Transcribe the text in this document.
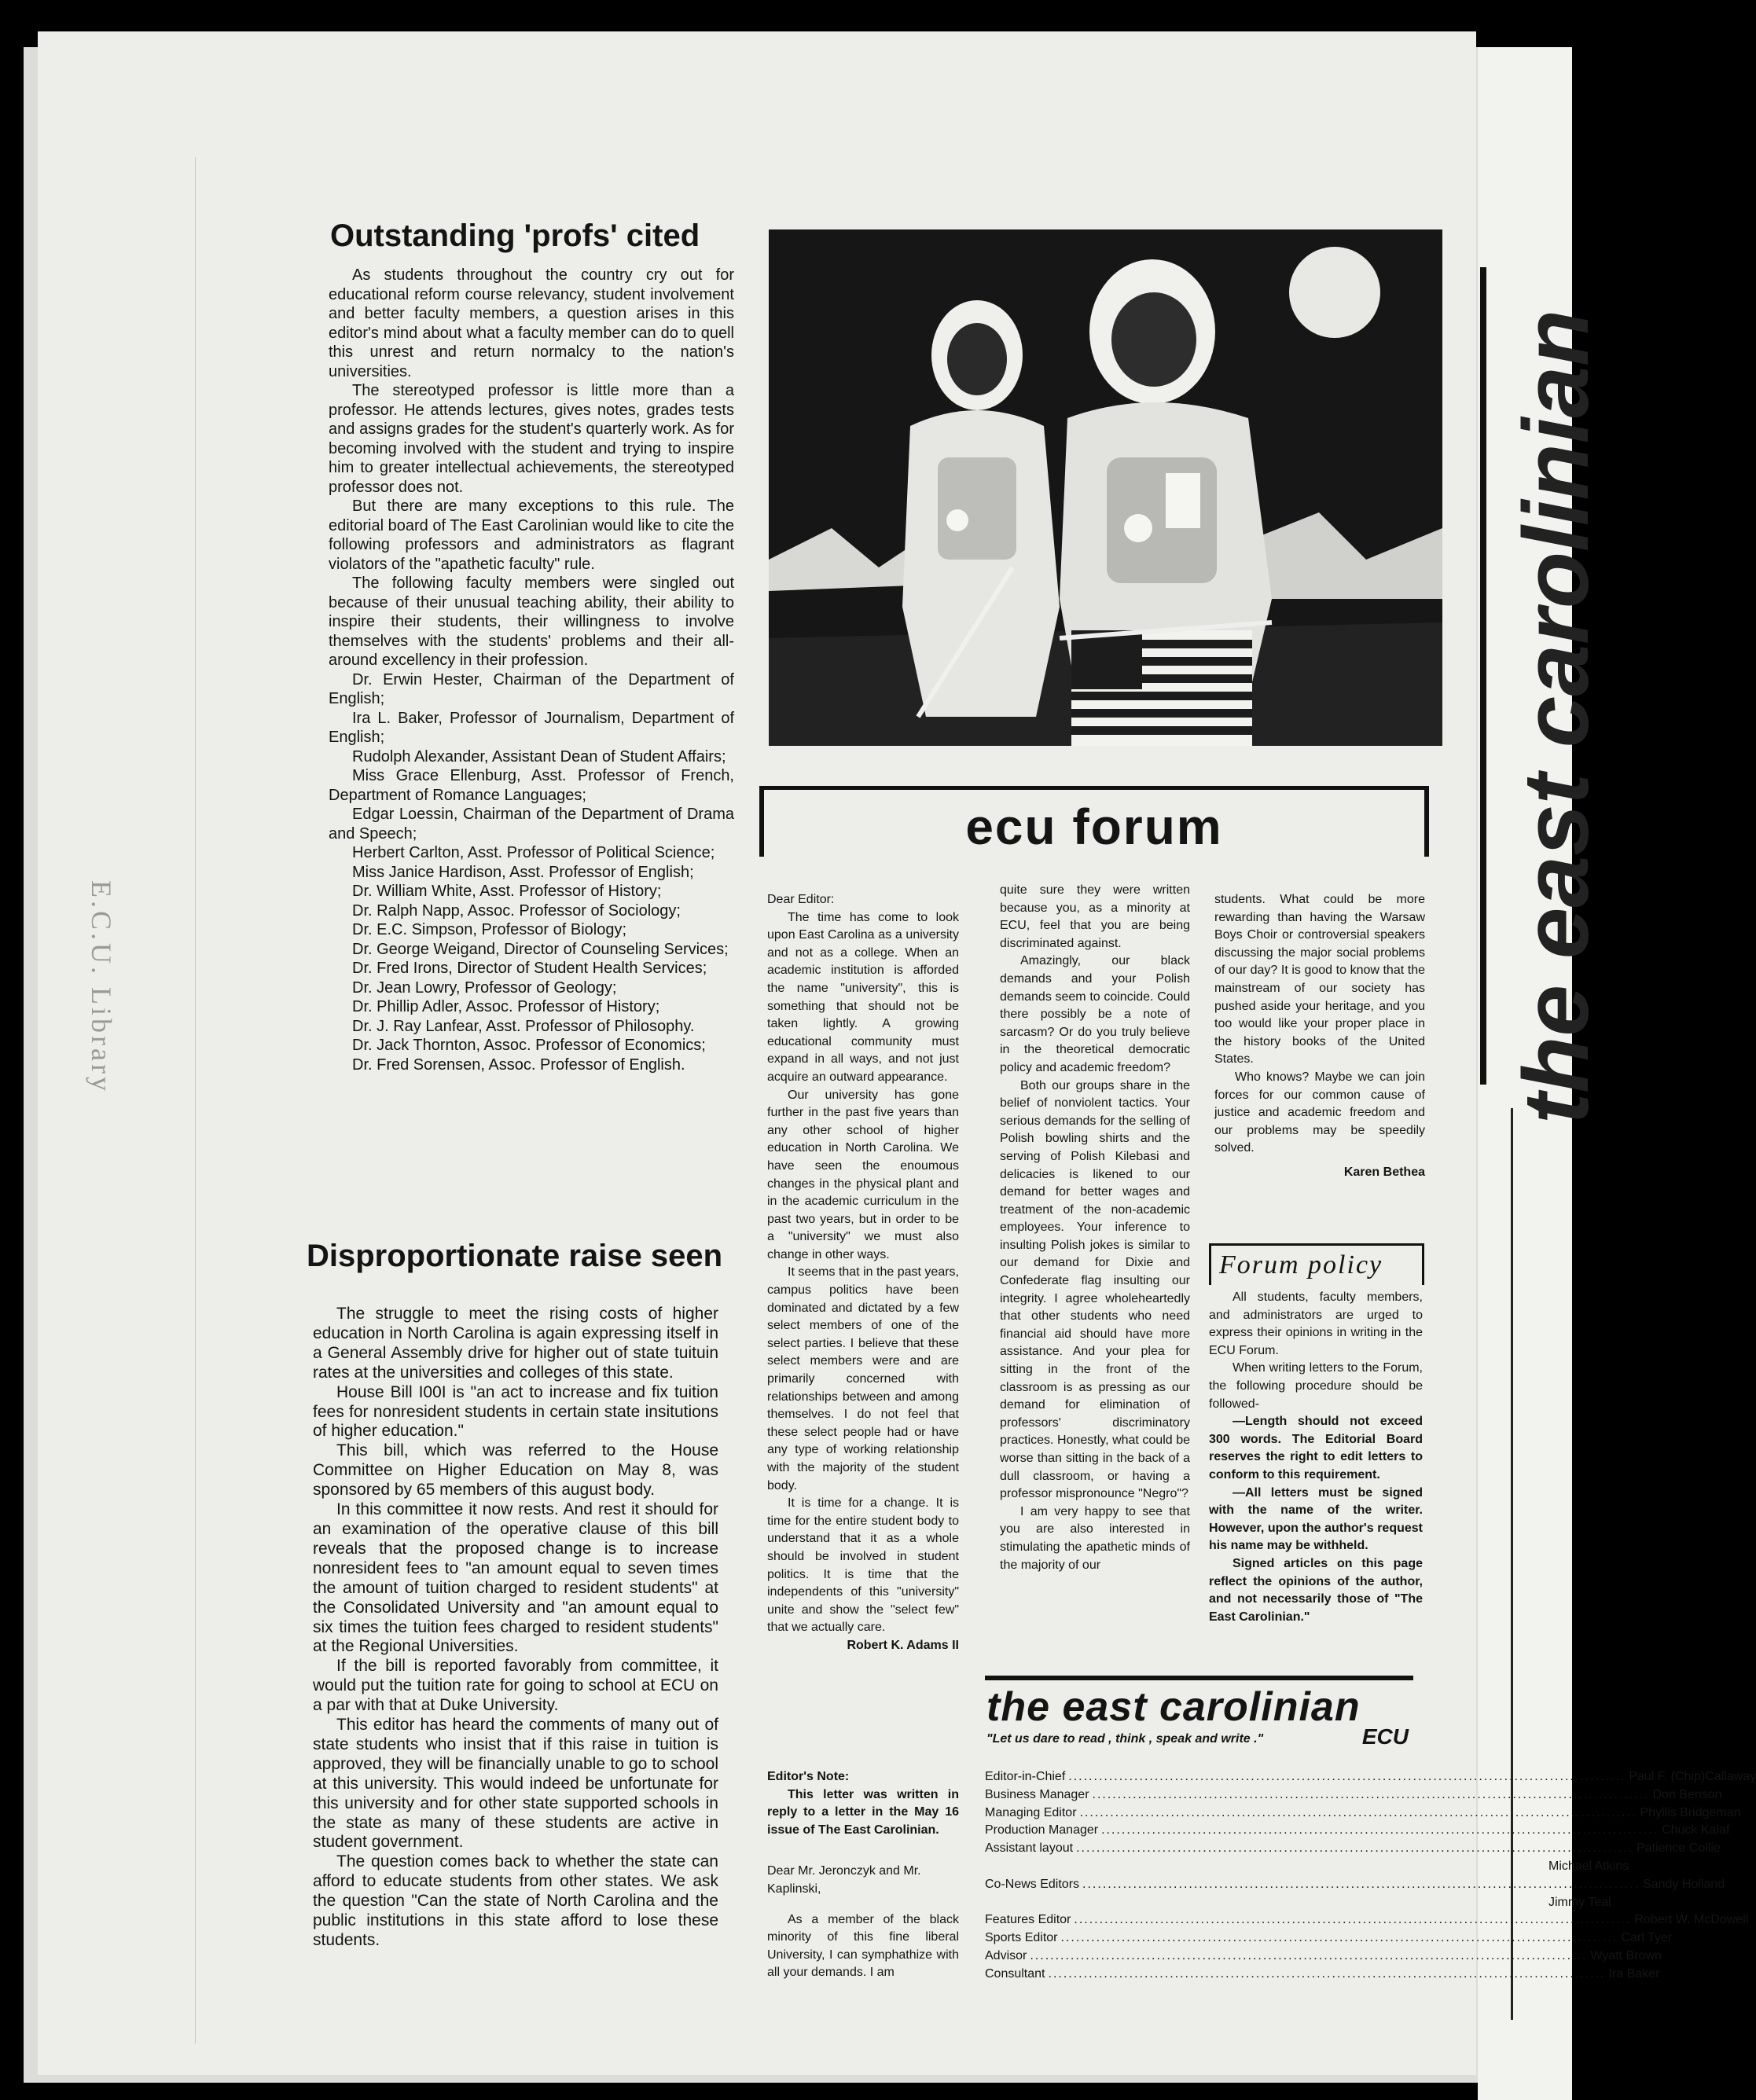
E.C.U. Library	the east carolinian
Outstanding 'profs' cited

As students throughout the country cry out for educational reform course relevancy, student involvement and better faculty members, a question arises in this editor's mind about what a faculty member can do to quell this unrest and return normalcy to the nation's universities.

The stereotyped professor is little more than a professor. He attends lectures, gives notes, grades tests and assigns grades for the student's quarterly work. As for becoming involved with the student and trying to inspire him to greater intellectual achievements, the stereotyped professor does not.

But there are many exceptions to this rule. The editorial board of The East Carolinian would like to cite the following professors and administrators as flagrant violators of the "apathetic faculty" rule.

The following faculty members were singled out because of their unusual teaching ability, their ability to inspire their students, their willingness to involve themselves with the students' problems and their all-around excellency in their profession.

Dr. Erwin Hester, Chairman of the Department of English;

Ira L. Baker, Professor of Journalism, Department of English;

Rudolph Alexander, Assistant Dean of Student Affairs;

Miss Grace Ellenburg, Asst. Professor of French, Department of Romance Languages;

Edgar Loessin, Chairman of the Department of Drama and Speech;

Herbert Carlton, Asst. Professor of Political Science;

Miss Janice Hardison, Asst. Professor of English;

Dr. William White, Asst. Professor of History;

Dr. Ralph Napp, Assoc. Professor of Sociology;

Dr. E.C. Simpson, Professor of Biology;

Dr. George Weigand, Director of Counseling Services;

Dr. Fred Irons, Director of Student Health Services;

Dr. Jean Lowry, Professor of Geology;

Dr. Phillip Adler, Assoc. Professor of History;

Dr. J. Ray Lanfear, Asst. Professor of Philosophy.

Dr. Jack Thornton, Assoc. Professor of Economics;

Dr. Fred Sorensen, Assoc. Professor of English.

Disproportionate raise seen

The struggle to meet the rising costs of higher education in North Carolina is again expressing itself in a General Assembly drive for higher out of state tuituin rates at the universities and colleges of this state.

House Bill I00I is "an act to increase and fix tuition fees for nonresident students in certain state insitutions of higher education."

This bill, which was referred to the House Committee on Higher Education on May 8, was sponsored by 65 members of this august body.

In this committee it now rests. And rest it should for an examination of the operative clause of this bill reveals that the proposed change is to increase nonresident fees to "an amount equal to seven times the amount of tuition charged to resident students" at the Consolidated University and "an amount equal to six times the tuition fees charged to resident students" at the Regional Universities.

If the bill is reported favorably from committee, it would put the tuition rate for going to school at ECU on a par with that at Duke University.

This editor has heard the comments of many out of state students who insist that if this raise in tuition is approved, they will be financially unable to go to school at this university. This would indeed be unfortunate for this university and for other state supported schools in the state as many of these students are active in student government.

The question comes back to whether the state can afford to educate students from other states. We ask the question "Can the state of North Carolina and the public institutions in this state afford to lose these students.

ecu forum

Dear Editor:

The time has come to look upon East Carolina as a university and not as a college. When an academic institution is afforded the name "university", this is something that should not be taken lightly. A growing educational community must expand in all ways, and not just acquire an outward appearance.

Our university has gone further in the past five years than any other school of higher education in North Carolina. We have seen the enoumous changes in the physical plant and in the academic curriculum in the past two years, but in order to be a "university" we must also change in other ways.

It seems that in the past years, campus politics have been dominated and dictated by a few select members of one of the select parties. I believe that these select members were and are primarily concerned with relationships between and among themselves. I do not feel that these select people had or have any type of working relationship with the majority of the student body.

It is time for a change. It is time for the entire student body to understand that it as a whole should be involved in student politics. It is time that the independents of this "university" unite and show the "select few" that we actually care.

Robert K. Adams II

Editor's Note:

This letter was written in reply to a letter in the May 16 issue of The East Carolinian.

Dear Mr. Jeronczyk and Mr. Kaplinski,

As a member of the black minority of this fine liberal University, I can symphathize with all your demands. I am

quite sure they were written because you, as a minority at ECU, feel that you are being discriminated against.

Amazingly, our black demands and your Polish demands seem to coincide. Could there possibly be a note of sarcasm? Or do you truly believe in the theoretical democratic policy and academic freedom?

Both our groups share in the belief of nonviolent tactics. Your serious demands for the selling of Polish bowling shirts and the serving of Polish Kilebasi and delicacies is likened to our demand for better wages and treatment of the non-academic employees. Your inference to insulting Polish jokes is similar to our demand for Dixie and Confederate flag insulting our integrity. I agree wholeheartedly that other students who need financial aid should have more assistance. And your plea for sitting in the front of the classroom is as pressing as our demand for elimination of professors' discriminatory practices. Honestly, what could be worse than sitting in the back of a dull classroom, or having a professor mispronounce "Negro"?

I am very happy to see that you are also interested in stimulating the apathetic minds of the majority of our

students. What could be more rewarding than having the Warsaw Boys Choir or controversial speakers discussing the major social problems of our day? It is good to know that the mainstream of our society has pushed aside your heritage, and you too would like your proper place in the history books of the United States.

Who knows? Maybe we can join forces for our common cause of justice and academic freedom and our problems may be speedily solved.

Karen Bethea

Forum policy

All students, faculty members, and administrators are urged to express their opinions in writing in the ECU Forum.

When writing letters to the Forum, the following procedure should be followed-

—Length should not exceed 300 words. The Editorial Board reserves the right to edit letters to conform to this requirement.

—All letters must be signed with the name of the writer. However, upon the author's request his name may be withheld.

Signed articles on this page reflect the opinions of the author, and not necessarily those of "The East Carolinian."

the east carolinian
"Let us dare to read , think , speak and write ."	ECU
Editor-in-Chief .....	Paul F. (Chip)Callaway
Business Manager .....	Don Benson
Managing Editor .....	Phyllis Bridgeman
Production Manager .....	Chuck Kalaf
Assistant layout .....	Patience Collie
Michael Atkins
Co-News Editors .....	Sandy Holland
Jimmy Teal
Features Editor .....	Robert W. McDowell
Sports Editor .....	Carl Tyer
Advisor .....	Wyatt Brown
Consultant .....	Ira Baker
